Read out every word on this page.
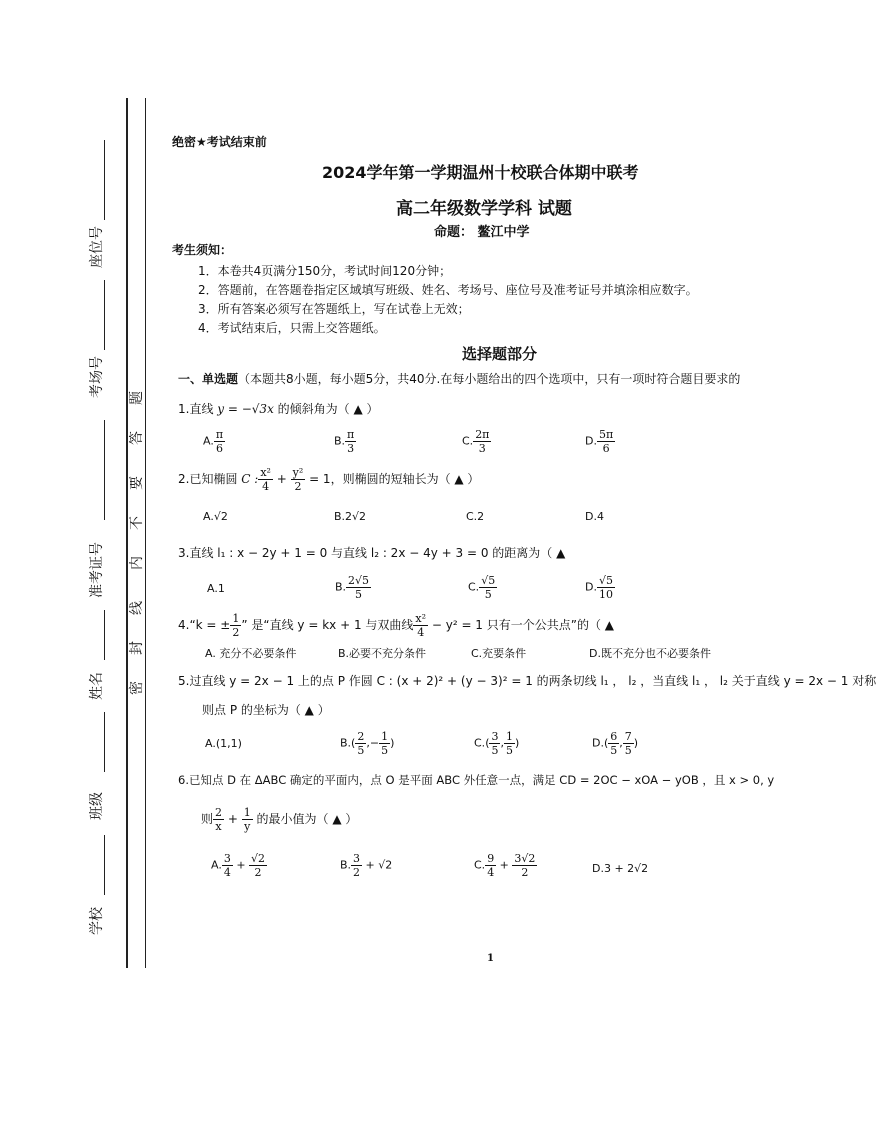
座位号
考场号
准考证号
姓名
班级
学校
密
封
线
内
不
要
答
题
绝密★考试结束前
2024学年第一学期温州十校联合体期中联考
高二年级数学学科 试题
命题： 鳌江中学
考生须知：
1．本卷共4页满分150分，考试时间120分钟；
2．答题前，在答题卷指定区域填写班级、姓名、考场号、座位号及准考证号并填涂相应数字。
3．所有答案必须写在答题纸上，写在试卷上无效；
4．考试结束后，只需上交答题纸。
选择题部分
一、单选题（本题共8小题，每小题5分，共40分.在每小题给出的四个选项中，只有一项时符合题目要求的
1.直线 y = −√3x 的倾斜角为（ ▲ ）
A. $\frac{\pi}{6}$	B. $\frac{\pi}{3}$	C. $\frac{2\pi}{3}$	D. $\frac{5\pi}{6}$
2.已知椭圆 C : $\frac{\text{x²}}{4} + \frac{\text{y²}}{2} = 1$，则椭圆的短轴长为（ ▲ ）
A.√2	B.2√2	C.2	D.4
3.直线 l₁ : x − 2y + 1 = 0 与直线 l₂ : 2x − 4y + 3 = 0 的距离为（ ▲
A.1	B. $\frac{2√5}{5}$	C. $\frac{√5}{5}$	D. $\frac{√5}{10}$
4.“k = ± $\frac{1}{2}$ ” 是“直线 y = kx + 1 与双曲线 $\frac{\text{x²}}{4} - y^2 = 1$ 只有一个公共点”的（ ▲
A. 充分不必要条件	B.必要不充分条件	C.充要条件	D.既不充分也不必要条件
5.过直线 y = 2x − 1 上的点 P 作圆 C : (x + 2)² + (y − 3)² = 1 的两条切线 l₁ ， l₂ ，当直线 l₁ ， l₂ 关于直线 y = 2x − 1 对称
则点 P 的坐标为（ ▲ ）
A.(1,1)	$B.( \frac{2}{5}$ ,− $\frac{1}{5}$ )	$C.( \frac{3}{5}$ , $\frac{1}{5}$ )	$D.( \frac{6}{5}$ , $\frac{7}{5}$ )
6.已知点 D 在 ΔABC 确定的平面内，点 O 是平面 ABC 外任意一点，满足 CD = 2OC − xOA − yOB ，且 x > 0, y
则 $\frac{2}{x} + \frac{1}{y}$ 的最小值为（ ▲ ）
A. $\frac{3}{4} + \frac{√2}{2}$	B. $\frac{3}{2} + √2$	C. $\frac{9}{4} + \frac{3√2}{2}$	D.3 + 2√2
1
